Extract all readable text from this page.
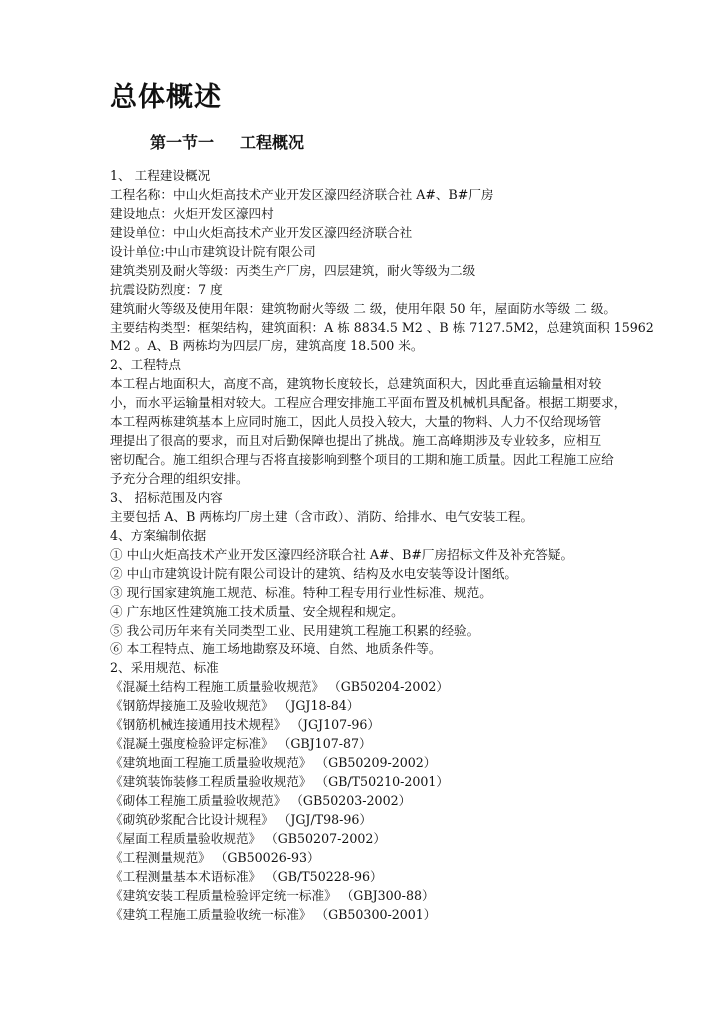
总体概述
第一节一 工程概况
1、 工程建设概况
工程名称：中山火炬高技术产业开发区濠四经济联合社 A#、B#厂房
建设地点：火炬开发区濠四村
建设单位：中山火炬高技术产业开发区濠四经济联合社
设计单位:中山市建筑设计院有限公司
建筑类别及耐火等级：丙类生产厂房，四层建筑，耐火等级为二级
抗震设防烈度：7 度
建筑耐火等级及使用年限：建筑物耐火等级 二 级，使用年限 50 年，屋面防水等级 二 级。
主要结构类型：框架结构，建筑面积：A 栋 8834.5 M2 、B 栋 7127.5M2，总建筑面积 15962
M2 。A、B 两栋均为四层厂房，建筑高度 18.500 米。
2、工程特点
本工程占地面积大，高度不高，建筑物长度较长，总建筑面积大，因此垂直运输量相对较
小，而水平运输量相对较大。工程应合理安排施工平面布置及机械机具配备。根据工期要求，
本工程两栋建筑基本上应同时施工，因此人员投入较大，大量的物料、人力不仅给现场管
理提出了很高的要求，而且对后勤保障也提出了挑战。施工高峰期涉及专业较多，应相互
密切配合。施工组织合理与否将直接影响到整个项目的工期和施工质量。因此工程施工应给
予充分合理的组织安排。
3、 招标范围及内容
主要包括 A、B 两栋均厂房土建（含市政）、消防、给排水、电气安装工程。
4、方案编制依据
① 中山火炬高技术产业开发区濠四经济联合社 A#、B#厂房招标文件及补充答疑。
② 中山市建筑设计院有限公司设计的建筑、结构及水电安装等设计图纸。
③ 现行国家建筑施工规范、标准。特种工程专用行业性标准、规范。
④ 广东地区性建筑施工技术质量、安全规程和规定。
⑤ 我公司历年来有关同类型工业、民用建筑工程施工积累的经验。
⑥ 本工程特点、施工场地勘察及环境、自然、地质条件等。
2、采用规范、标准
《混凝土结构工程施工质量验收规范》 （GB50204-2002）
《钢筋焊接施工及验收规范》 （JGJ18-84）
《钢筋机械连接通用技术规程》 （JGJ107-96）
《混凝土强度检验评定标准》 （GBJ107-87）
《建筑地面工程施工质量验收规范》 （GB50209-2002）
《建筑装饰装修工程质量验收规范》 （GB/T50210-2001）
《砌体工程施工质量验收规范》 （GB50203-2002）
《砌筑砂浆配合比设计规程》 （JGJ/T98-96）
《屋面工程质量验收规范》 （GB50207-2002）
《工程测量规范》 （GB50026-93）
《工程测量基本术语标准》 （GB/T50228-96）
《建筑安装工程质量检验评定统一标准》 （GBJ300-88）
《建筑工程施工质量验收统一标准》 （GB50300-2001）
